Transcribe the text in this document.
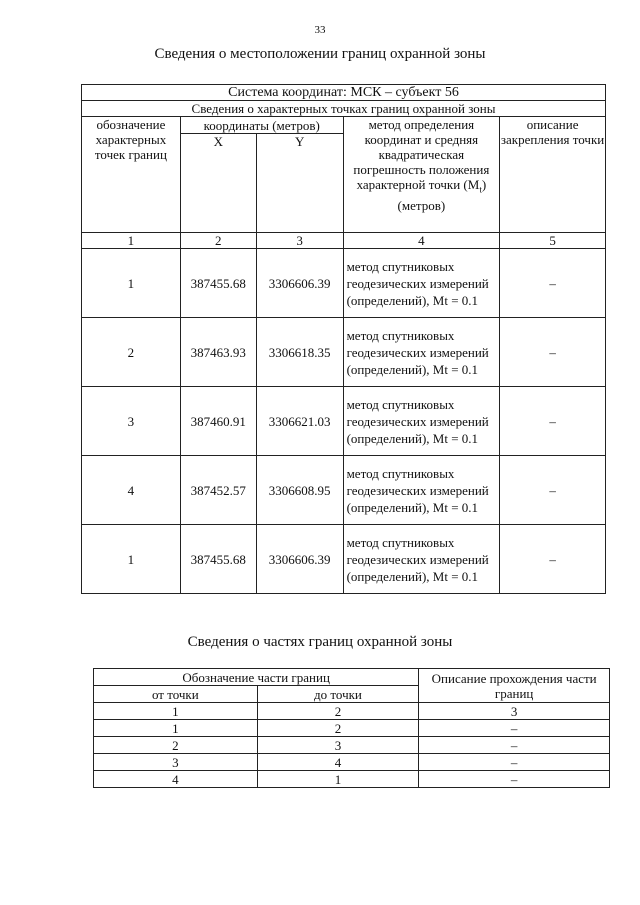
33
Сведения о местоположении границ охранной зоны
Система координат: МСК – субъект 56				
Сведения о характерных точках границ охранной зоны				
обозначение характерных точек границ	координаты (метров)		метод определения координат и средняя квадратическая погрешность положения характерной точки $(M_t)$ (метров)	описание закрепления точки
	X	Y		
1	2	3	4	5
1	387455.68	3306606.39	метод спутниковых геодезических измерений (определений), Mt = 0.1	–
2	387463.93	3306618.35	метод спутниковых геодезических измерений (определений), Mt = 0.1	–
3	387460.91	3306621.03	метод спутниковых геодезических измерений (определений), Mt = 0.1	–
4	387452.57	3306608.95	метод спутниковых геодезических измерений (определений), Mt = 0.1	–
1	387455.68	3306606.39	метод спутниковых геодезических измерений (определений), Mt = 0.1	–
Сведения о частях границ охранной зоны
Обозначение части границ		Описание прохождения части границ
от точки	до точки	
1	2	3
1	2	–
2	3	–
3	4	–
4	1	–
